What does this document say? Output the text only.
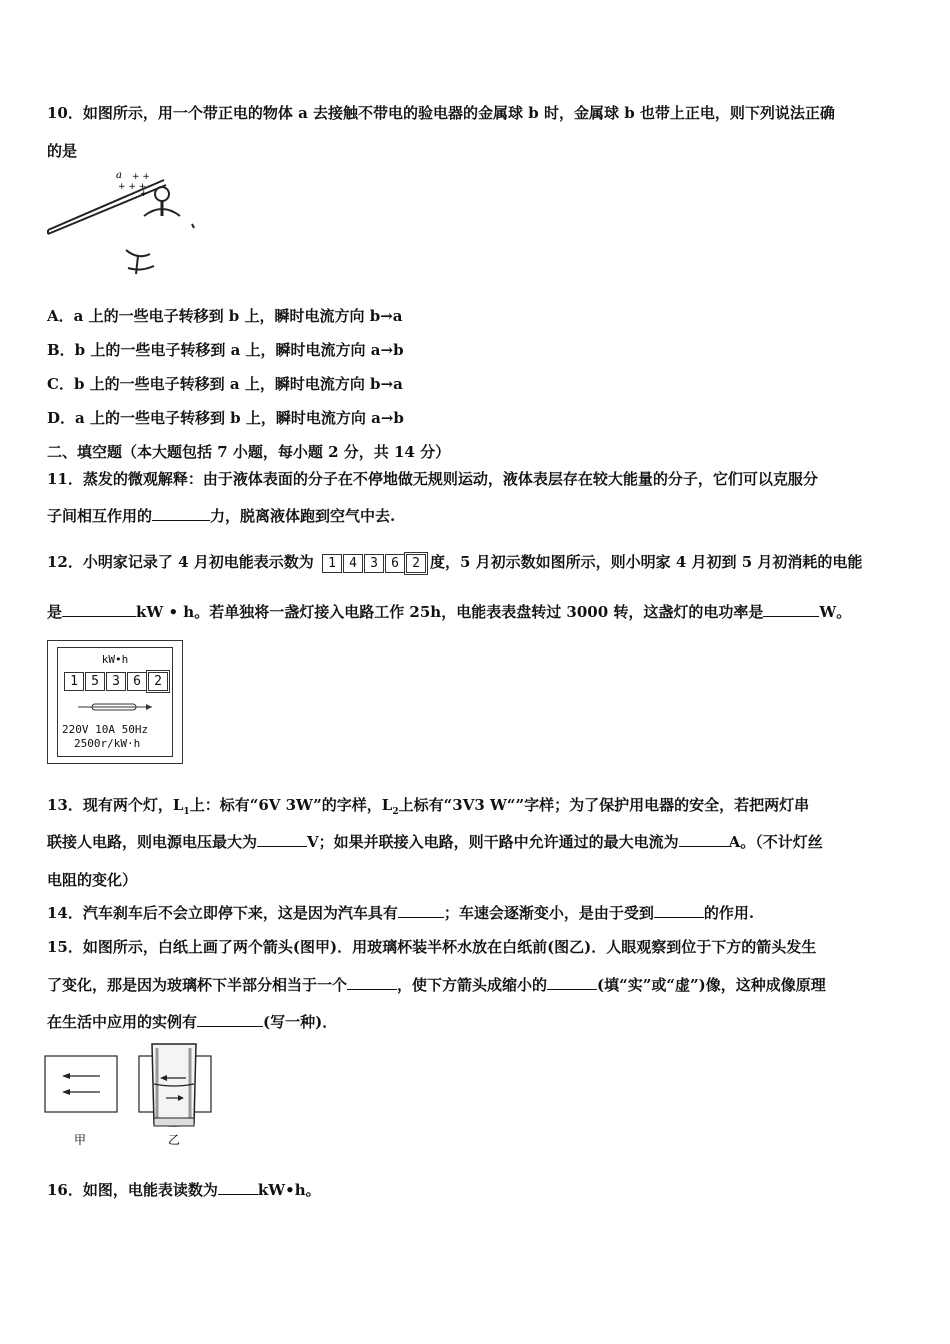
10．如图所示，用一个带正电的物体 a 去接触不带电的验电器的金属球 b 时，金属球 b 也带上正电，则下列说法正确
的是
a + +
+ + +
+
A．a 上的一些电子转移到 b 上，瞬时电流方向 b→a
B．b 上的一些电子转移到 a 上，瞬时电流方向 a→b
C．b 上的一些电子转移到 a 上，瞬时电流方向 b→a
D．a 上的一些电子转移到 b 上，瞬时电流方向 a→b
二、填空题（本大题包括 7 小题，每小题 2 分，共 14 分）
11．蒸发的微观解释：由于液体表面的分子在不停地做无规则运动，液体表层存在较大能量的分子，它们可以克服分
子间相互作用的	力，脱离液体跑到空气中去.
12．小明家记录了 4 月初电能表示数为	1	4	3	6	2 度，5 月初示数如图所示，则小明家 4 月初到 5 月初消耗的电能
是	kW • h。若单独将一盏灯接入电路工作 25h，电能表表盘转过 3000 转，这盏灯的电功率是	W。
kW•h
1	5	3	6	2
220V 10A 50Hz
2500r/kW·h
13．现有两个灯，$L_1$上：标有“6V 3W”的字样，$L_2$上标有“3V3 W“”字样；为了保护用电器的安全，若把两灯串
联接人电路，则电源电压最大为	V；如果并联接入电路，则干路中允许通过的最大电流为	A。（不计灯丝
电阻的变化）
14．汽车刹车后不会立即停下来，这是因为汽车具有	；车速会逐渐变小，是由于受到	的作用.
15．如图所示，白纸上画了两个箭头(图甲)．用玻璃杯装半杯水放在白纸前(图乙)．人眼观察到位于下方的箭头发生
了变化，那是因为玻璃杯下半部分相当于一个	，使下方箭头成缩小的	(填“实”或“虚”)像，这种成像原理
在生活中应用的实例有	(写一种)．
甲	乙
16．如图，电能表读数为	kW•h。
